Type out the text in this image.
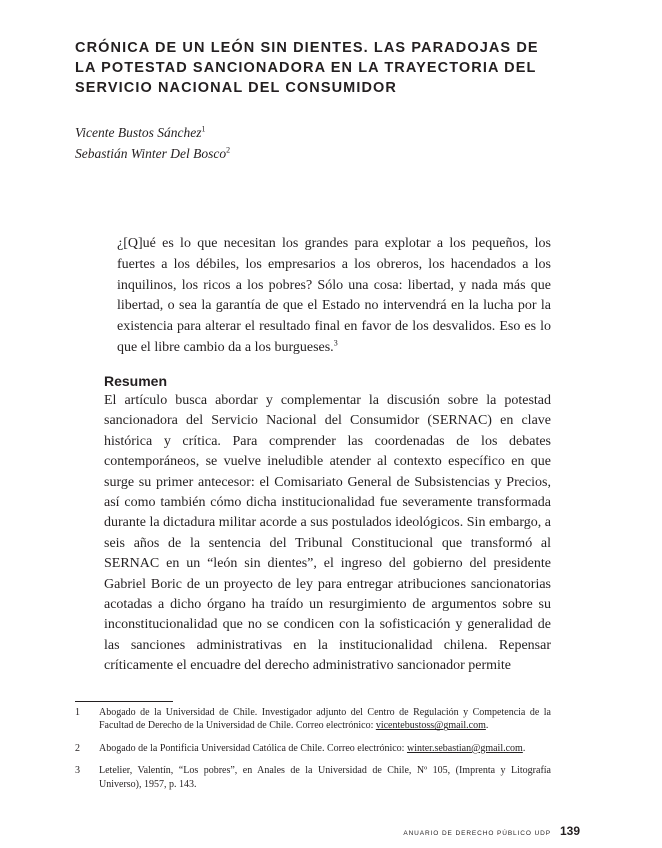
CRÓNICA DE UN LEÓN SIN DIENTES. LAS PARADOJAS DE LA POTESTAD SANCIONADORA EN LA TRAYECTORIA DEL SERVICIO NACIONAL DEL CONSUMIDOR
Vicente Bustos Sánchez$^1$
Sebastián Winter Del Bosco$^2$

¿[Q]ué es lo que necesitan los grandes para explotar a los pequeños, los fuertes a los débiles, los empresarios a los obreros, los hacendados a los inquilinos, los ricos a los pobres? Sólo una cosa: libertad, y nada más que libertad, o sea la garantía de que el Estado no intervendrá en la lucha por la existencia para alterar el resultado final en favor de los desvalidos. Eso es lo que el libre cambio da a los burgueses.$^3$

Resumen

El artículo busca abordar y complementar la discusión sobre la potestad sancionadora del Servicio Nacional del Consumidor (SERNAC) en clave histórica y crítica. Para comprender las coordenadas de los debates contemporáneos, se vuelve ineludible atender al contexto específico en que surge su primer antecesor: el Comisariato General de Subsistencias y Precios, así como también cómo dicha institucionalidad fue severamente transformada durante la dictadura militar acorde a sus postulados ideológicos. Sin embargo, a seis años de la sentencia del Tribunal Constitucional que transformó al SERNAC en un “león sin dientes”, el ingreso del gobierno del presidente Gabriel Boric de un proyecto de ley para entregar atribuciones sancionatorias acotadas a dicho órgano ha traído un resurgimiento de argumentos sobre su inconstitucionalidad que no se condicen con la sofisticación y generalidad de las sanciones administrativas en la institucionalidad chilena. Repensar críticamente el encuadre del derecho administrativo sancionador permite

1	Abogado de la Universidad de Chile. Investigador adjunto del Centro de Regulación y Competencia de la Facultad de Derecho de la Universidad de Chile. Correo electrónico: vicentebustoss@gmail.com.
2	Abogado de la Pontificia Universidad Católica de Chile. Correo electrónico: winter.sebastian@gmail.com.
3	Letelier, Valentín, “Los pobres”, en Anales de la Universidad de Chile, Nº 105, (Imprenta y Litografía Universo), 1957, p. 143.
ANUARIO DE DERECHO PÚBLICO UDP 139
